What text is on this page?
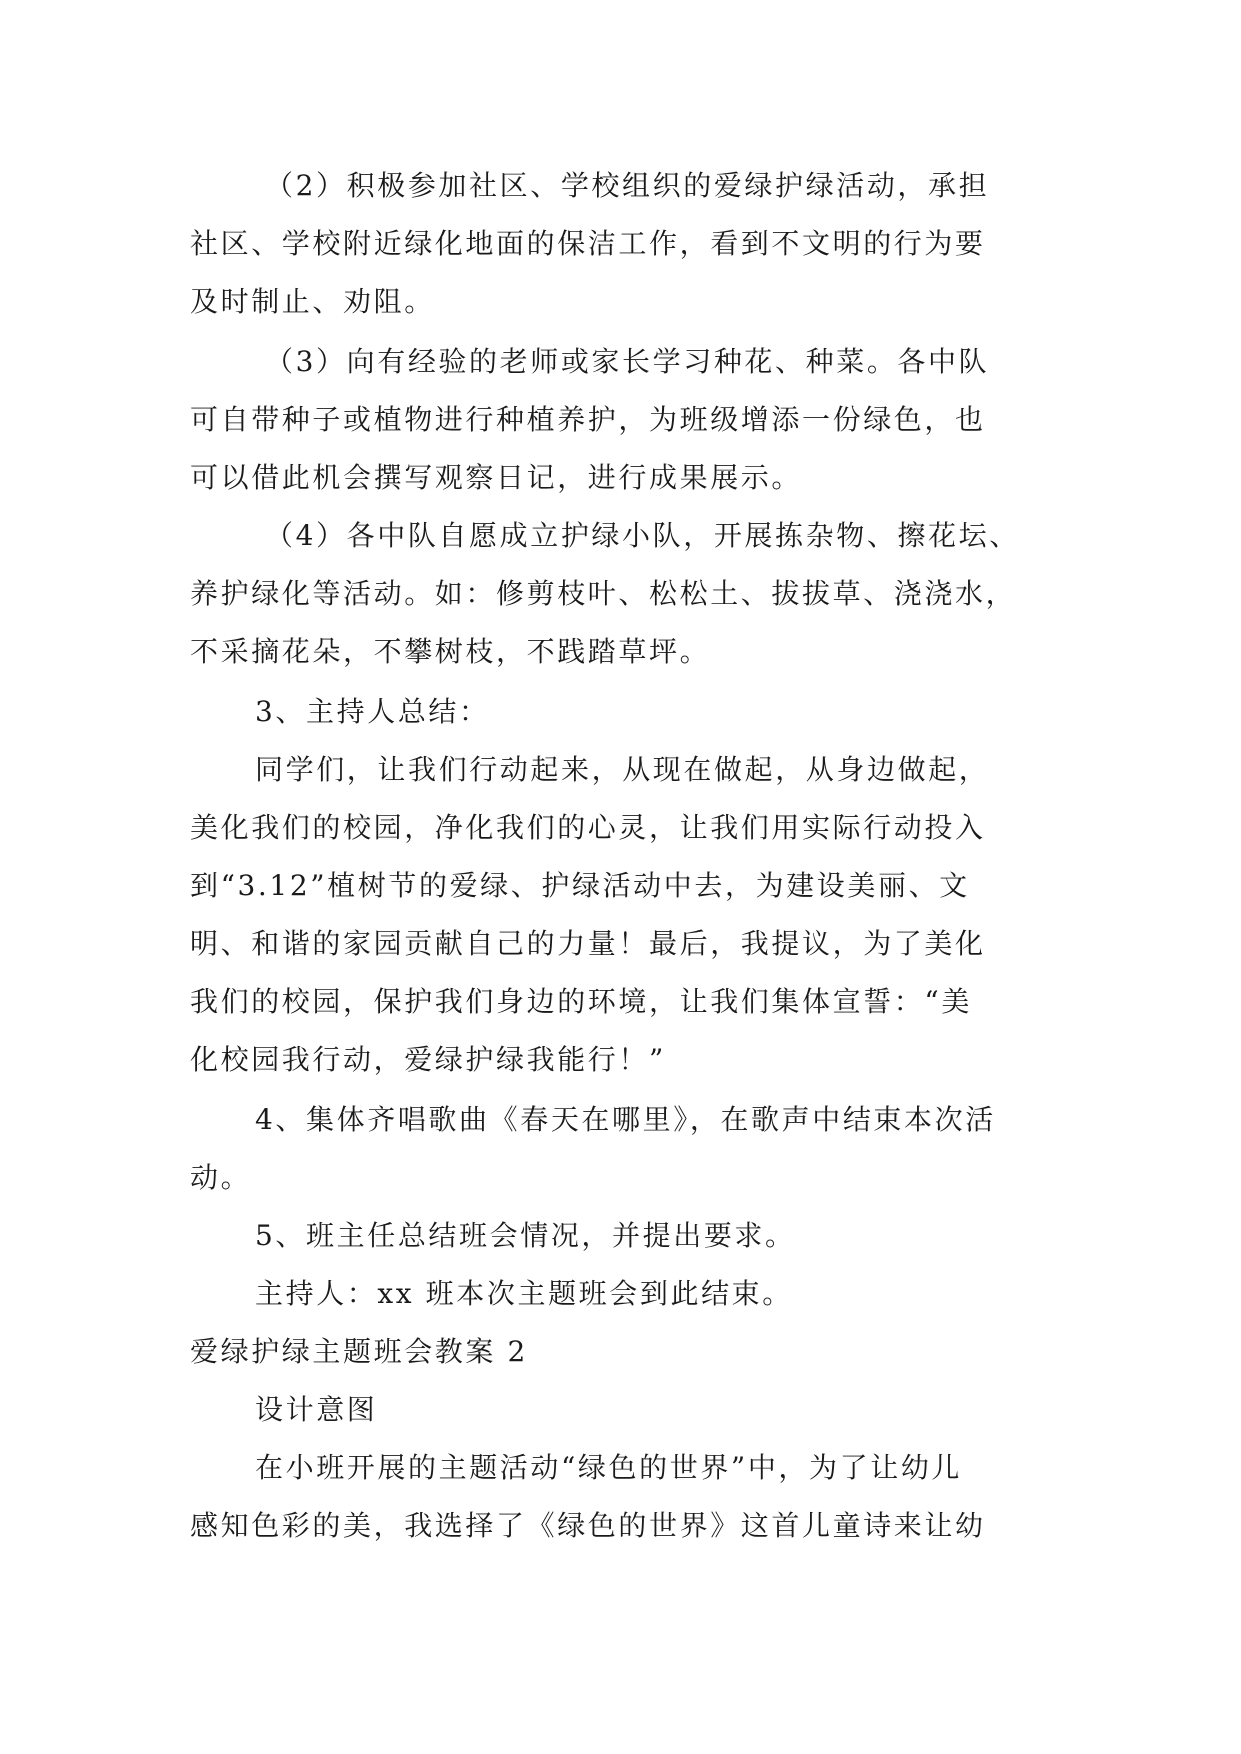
（2）积极参加社区、学校组织的爱绿护绿活动，承担
社区、学校附近绿化地面的保洁工作，看到不文明的行为要
及时制止、劝阻。
（3）向有经验的老师或家长学习种花、种菜。各中队
可自带种子或植物进行种植养护，为班级增添一份绿色，也
可以借此机会撰写观察日记，进行成果展示。
（4）各中队自愿成立护绿小队，开展拣杂物、擦花坛、
养护绿化等活动。如：修剪枝叶、松松土、拔拔草、浇浇水，
不采摘花朵，不攀树枝，不践踏草坪。
3、主持人总结：
同学们，让我们行动起来，从现在做起，从身边做起，
美化我们的校园，净化我们的心灵，让我们用实际行动投入
到“3.12”植树节的爱绿、护绿活动中去，为建设美丽、文
明、和谐的家园贡献自己的力量！最后，我提议，为了美化
我们的校园，保护我们身边的环境，让我们集体宣誓：“美
化校园我行动，爱绿护绿我能行！”
4、集体齐唱歌曲《春天在哪里》，在歌声中结束本次活
动。
5、班主任总结班会情况，并提出要求。
主持人：xx 班本次主题班会到此结束。
爱绿护绿主题班会教案 2
设计意图
在小班开展的主题活动“绿色的世界”中，为了让幼儿
感知色彩的美，我选择了《绿色的世界》这首儿童诗来让幼
